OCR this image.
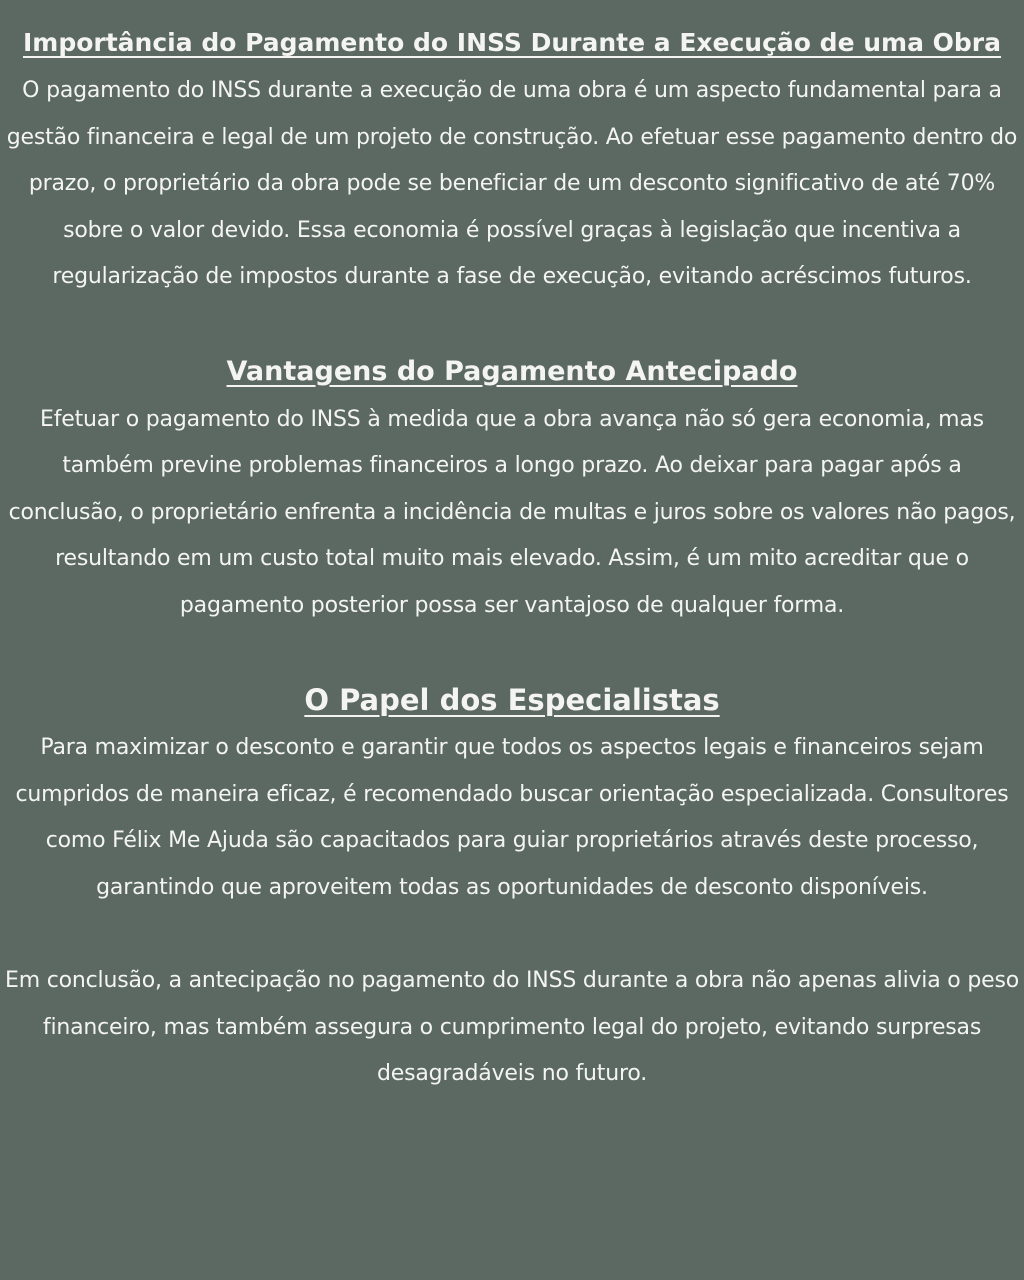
Importância do Pagamento do INSS Durante a Execução de uma Obra

O pagamento do INSS durante a execução de uma obra é um aspecto fundamental para a gestão financeira e legal de um projeto de construção. Ao efetuar esse pagamento dentro do prazo, o proprietário da obra pode se beneficiar de um desconto significativo de até 70% sobre o valor devido. Essa economia é possível graças à legislação que incentiva a regularização de impostos durante a fase de execução, evitando acréscimos futuros.

Vantagens do Pagamento Antecipado

Efetuar o pagamento do INSS à medida que a obra avança não só gera economia, mas também previne problemas financeiros a longo prazo. Ao deixar para pagar após a conclusão, o proprietário enfrenta a incidência de multas e juros sobre os valores não pagos, resultando em um custo total muito mais elevado. Assim, é um mito acreditar que o pagamento posterior possa ser vantajoso de qualquer forma.

O Papel dos Especialistas

Para maximizar o desconto e garantir que todos os aspectos legais e financeiros sejam cumpridos de maneira eficaz, é recomendado buscar orientação especializada. Consultores como Félix Me Ajuda são capacitados para guiar proprietários através deste processo, garantindo que aproveitem todas as oportunidades de desconto disponíveis.

Em conclusão, a antecipação no pagamento do INSS durante a obra não apenas alivia o peso financeiro, mas também assegura o cumprimento legal do projeto, evitando surpresas desagradáveis no futuro.
